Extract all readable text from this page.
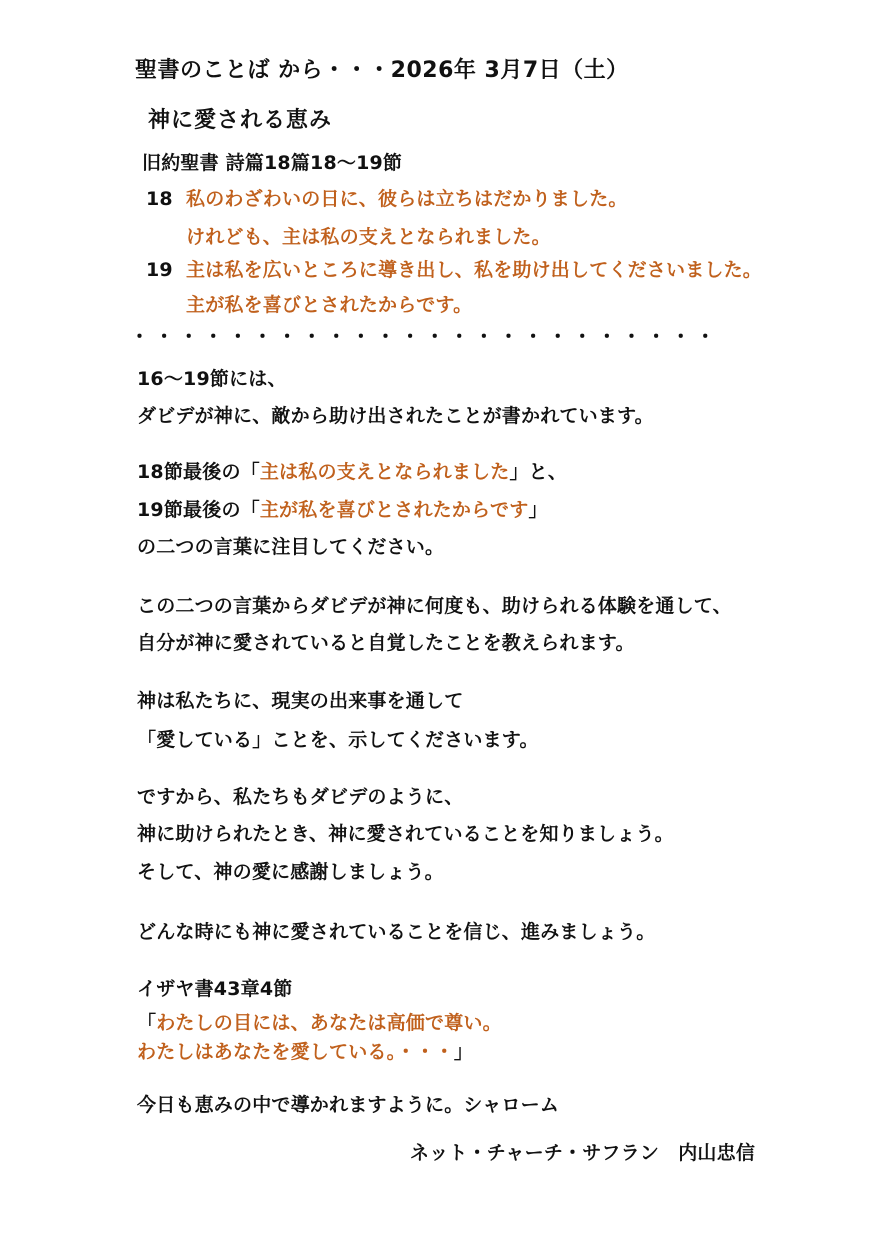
聖書のことば から・・・2026年 3月7日（土）
神に愛される恵み
旧約聖書 詩篇18篇18〜19節
18 私のわざわいの日に、彼らは立ちはだかりました。
けれども、主は私の支えとなられました。
19 主は私を広いところに導き出し、私を助け出してくださいました。
主が私を喜びとされたからです。
・・・・・・・・・・・・・・・・・・・・・・・・
16〜19節には、
ダビデが神に、敵から助け出されたことが書かれています。
18節最後の「主は私の支えとなられました」と、
19節最後の「主が私を喜びとされたからです」
の二つの言葉に注目してください。
この二つの言葉からダビデが神に何度も、助けられる体験を通して、
自分が神に愛されていると自覚したことを教えられます。
神は私たちに、現実の出来事を通して
「愛している」ことを、示してくださいます。
ですから、私たちもダビデのように、
神に助けられたとき、神に愛されていることを知りましょう。
そして、神の愛に感謝しましょう。
どんな時にも神に愛されていることを信じ、進みましょう。
イザヤ書43章4節
「わたしの目には、あなたは高価で尊い。
わたしはあなたを愛している。・・・」
今日も恵みの中で導かれますように。シャローム
ネット・チャーチ・サフラン　内山忠信
